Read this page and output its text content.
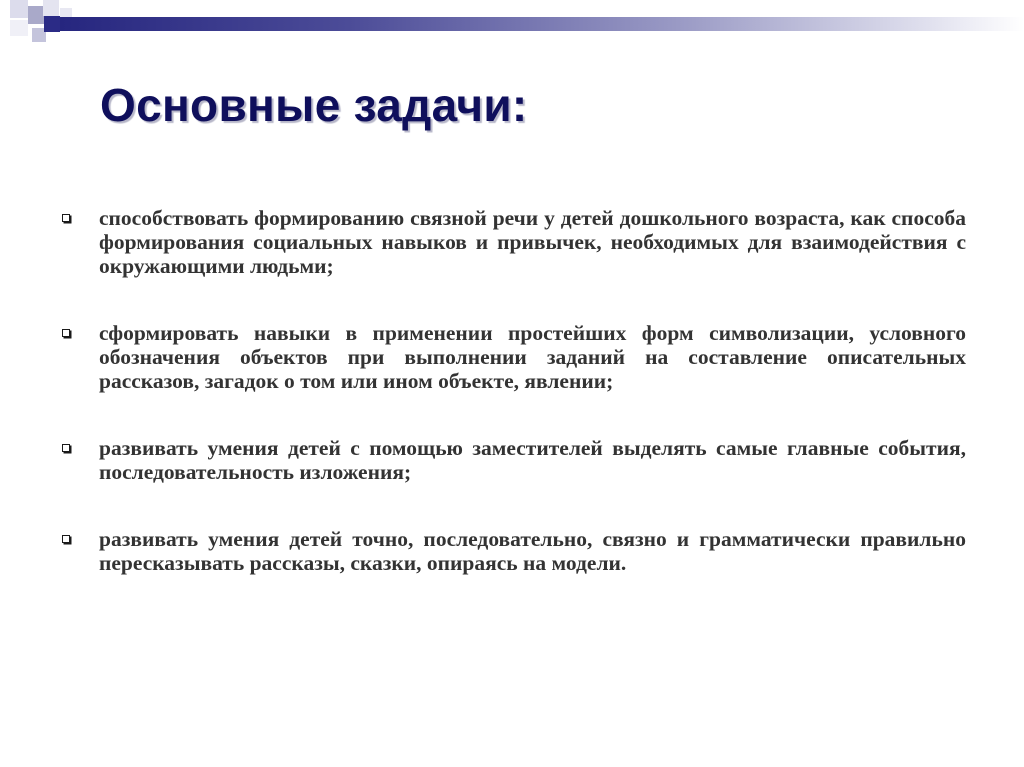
Основные задачи:
способствовать формированию связной речи у детей дошкольного возраста, как способа формирования социальных навыков и привычек, необходимых для взаимодействия с окружающими людьми;
сформировать навыки в применении простейших форм символизации, условного обозначения объектов при выполнении заданий на составление описательных рассказов, загадок о том или ином объекте, явлении;
развивать умения детей с помощью заместителей выделять самые главные события, последовательность изложения;
развивать умения детей точно, последовательно, связно и грамматически правильно пересказывать рассказы, сказки, опираясь на модели.
